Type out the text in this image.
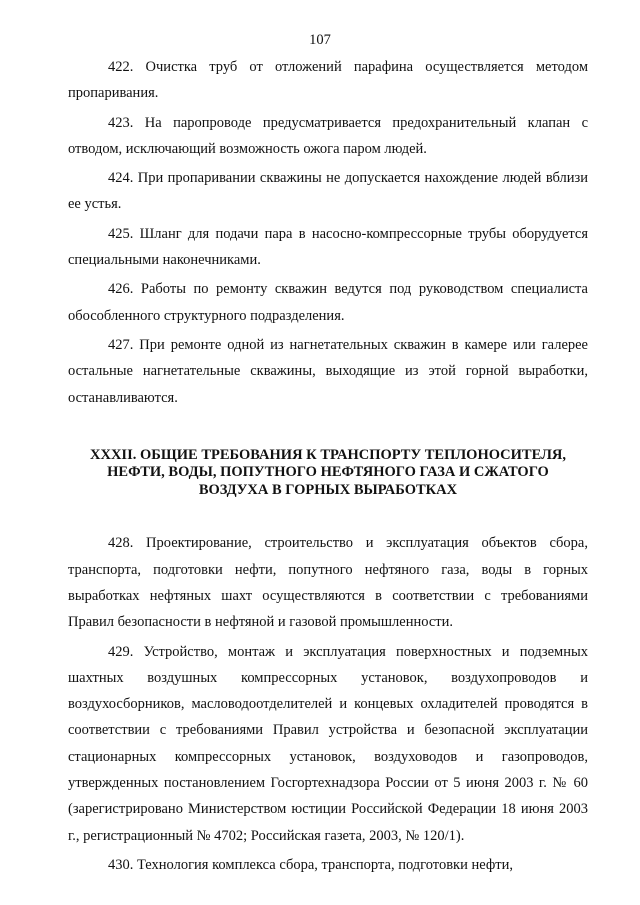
107

422. Очистка труб от отложений парафина осуществляется методом пропаривания.

423. На паропроводе предусматривается предохранительный клапан с отводом, исключающий возможность ожога паром людей.

424. При пропаривании скважины не допускается нахождение людей вблизи ее устья.

425. Шланг для подачи пара в насосно-компрессорные трубы оборудуется специальными наконечниками.

426. Работы по ремонту скважин ведутся под руководством специалиста обособленного структурного подразделения.

427. При ремонте одной из нагнетательных скважин в камере или галерее остальные нагнетательные скважины, выходящие из этой горной выработки, останавливаются.

XXXII. ОБЩИЕ ТРЕБОВАНИЯ К ТРАНСПОРТУ ТЕПЛОНОСИТЕЛЯ,
НЕФТИ, ВОДЫ, ПОПУТНОГО НЕФТЯНОГО ГАЗА И СЖАТОГО
ВОЗДУХА В ГОРНЫХ ВЫРАБОТКАХ

428. Проектирование, строительство и эксплуатация объектов сбора, транспорта, подготовки нефти, попутного нефтяного газа, воды в горных выработках нефтяных шахт осуществляются в соответствии с требованиями Правил безопасности в нефтяной и газовой промышленности.

429. Устройство, монтаж и эксплуатация поверхностных и подземных шахтных воздушных компрессорных установок, воздухопроводов и воздухосборников, масловодоотделителей и концевых охладителей проводятся в соответствии с требованиями Правил устройства и безопасной эксплуатации стационарных компрессорных установок, воздуховодов и газопроводов, утвержденных постановлением Госгортехнадзора России от 5 июня 2003 г. № 60 (зарегистрировано Министерством юстиции Российской Федерации 18 июня 2003 г., регистрационный № 4702; Российская газета, 2003, № 120/1).

430. Технология комплекса сбора, транспорта, подготовки нефти,
